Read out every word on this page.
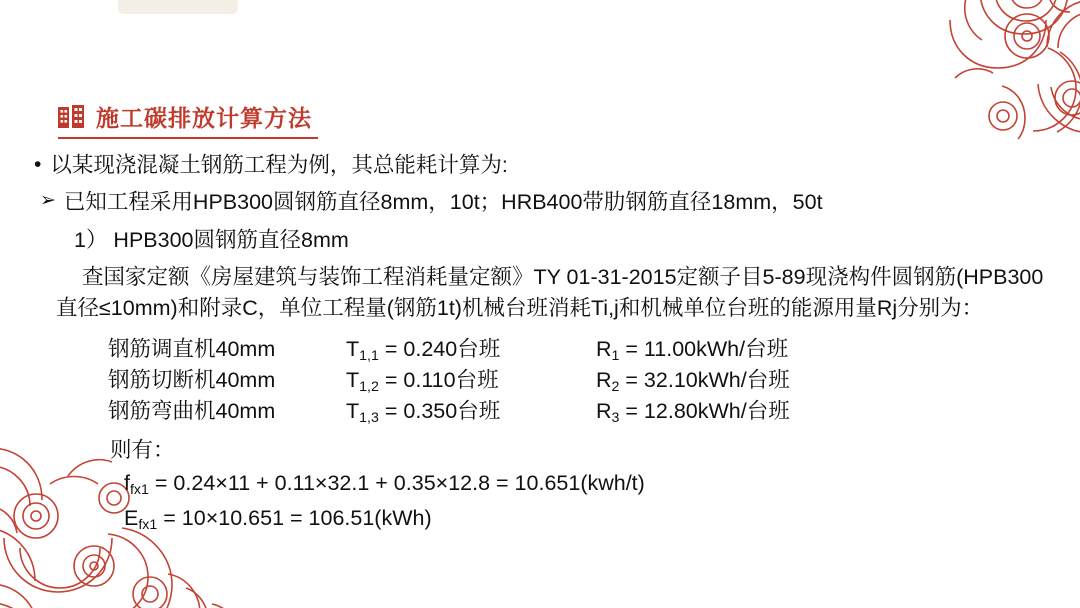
施工碳排放计算方法
• 以某现浇混凝土钢筋工程为例，其总能耗计算为:
➢ 已知工程采用HPB300圆钢筋直径8mm，10t；HRB400带肋钢筋直径18mm，50t
1） HPB300圆钢筋直径8mm
查国家定额《房屋建筑与装饰工程消耗量定额》TY 01-31-2015定额子目5-89现浇构件圆钢筋(HPB300直径≤10mm)和附录C，单位工程量(钢筋1t)机械台班消耗Ti,j和机械单位台班的能源用量Rj分别为：
钢筋调直机40mm	$T_{1,1} = 0.240$台班	$R_1 = 11.00kWh/$台班
钢筋切断机40mm	$T_{1,2} = 0.110$台班	$R_2 = 32.10kWh/$台班
钢筋弯曲机40mm	$T_{1,3} = 0.350$台班	$R_3 = 12.80kWh/$台班
则有：
$f_{fx1} = 0.24\times 11 + 0.11\times 32.1 + 0.35\times 12.8 = 10.651(kwh/t)$
$E_{fx1} = 10\times 10.651 = 106.51(kWh)$
